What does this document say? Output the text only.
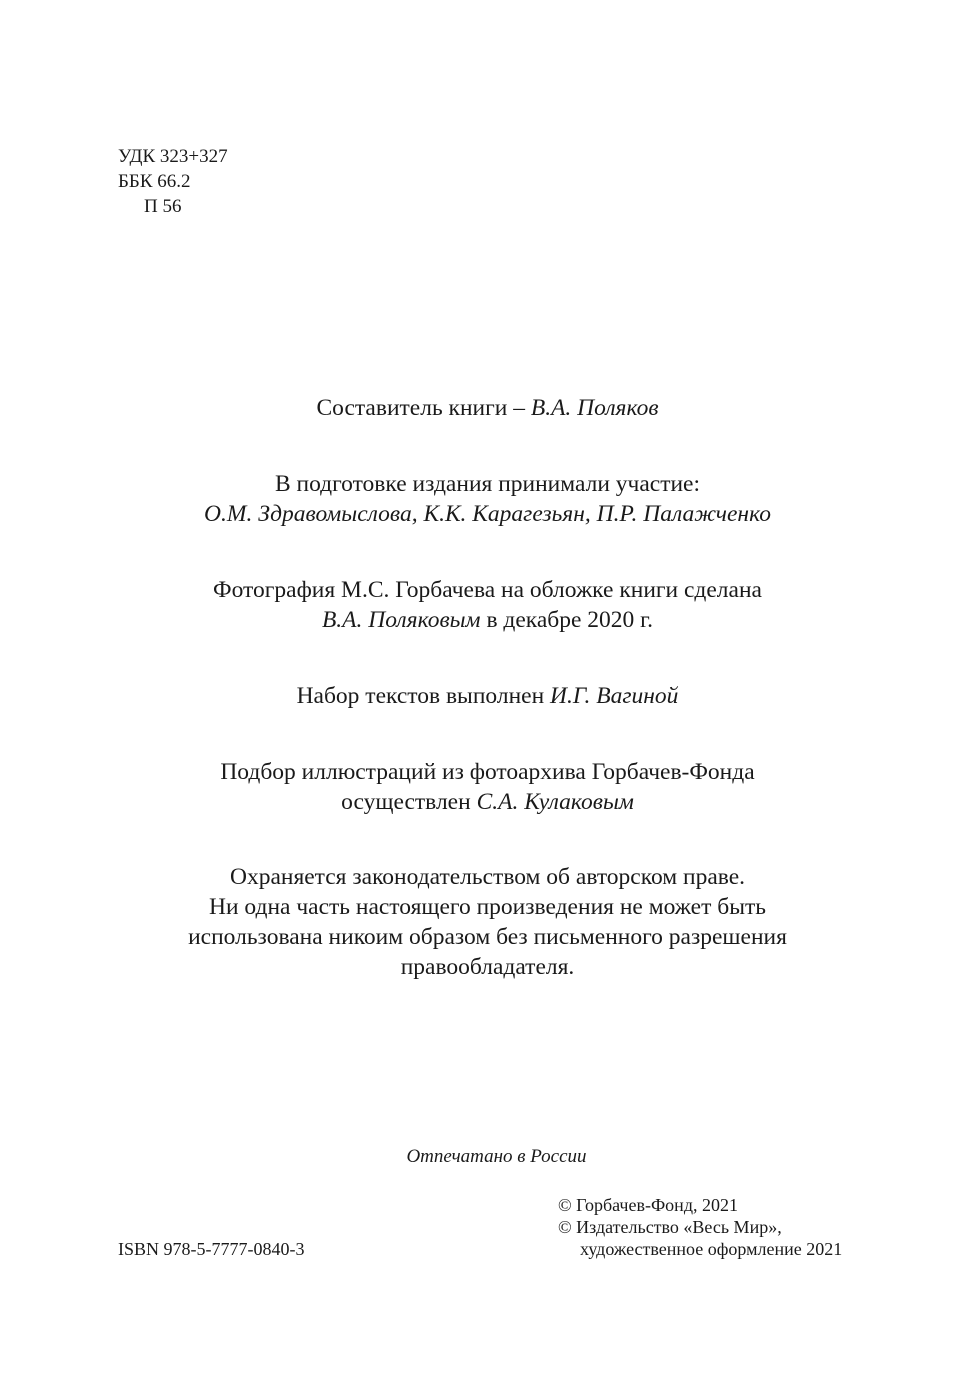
УДК 323+327
ББК 66.2
П 56
Составитель книги – В.А. Поляков
В подготовке издания принимали участие:
О.М. Здравомыслова, К.К. Карагезьян, П.Р. Палажченко
Фотография М.С. Горбачева на обложке книги сделана
В.А. Поляковым в декабре 2020 г.
Набор текстов выполнен И.Г. Вагиной
Подбор иллюстраций из фотоархива Горбачев-Фонда
осуществлен С.А. Кулаковым
Охраняется законодательством об авторском праве.
Ни одна часть настоящего произведения не может быть
использована никоим образом без письменного разрешения
правообладателя.
Отпечатано в России
© Горбачев-Фонд, 2021
© Издательство «Весь Мир»,
художественное оформление 2021
ISBN 978-5-7777-0840-3
